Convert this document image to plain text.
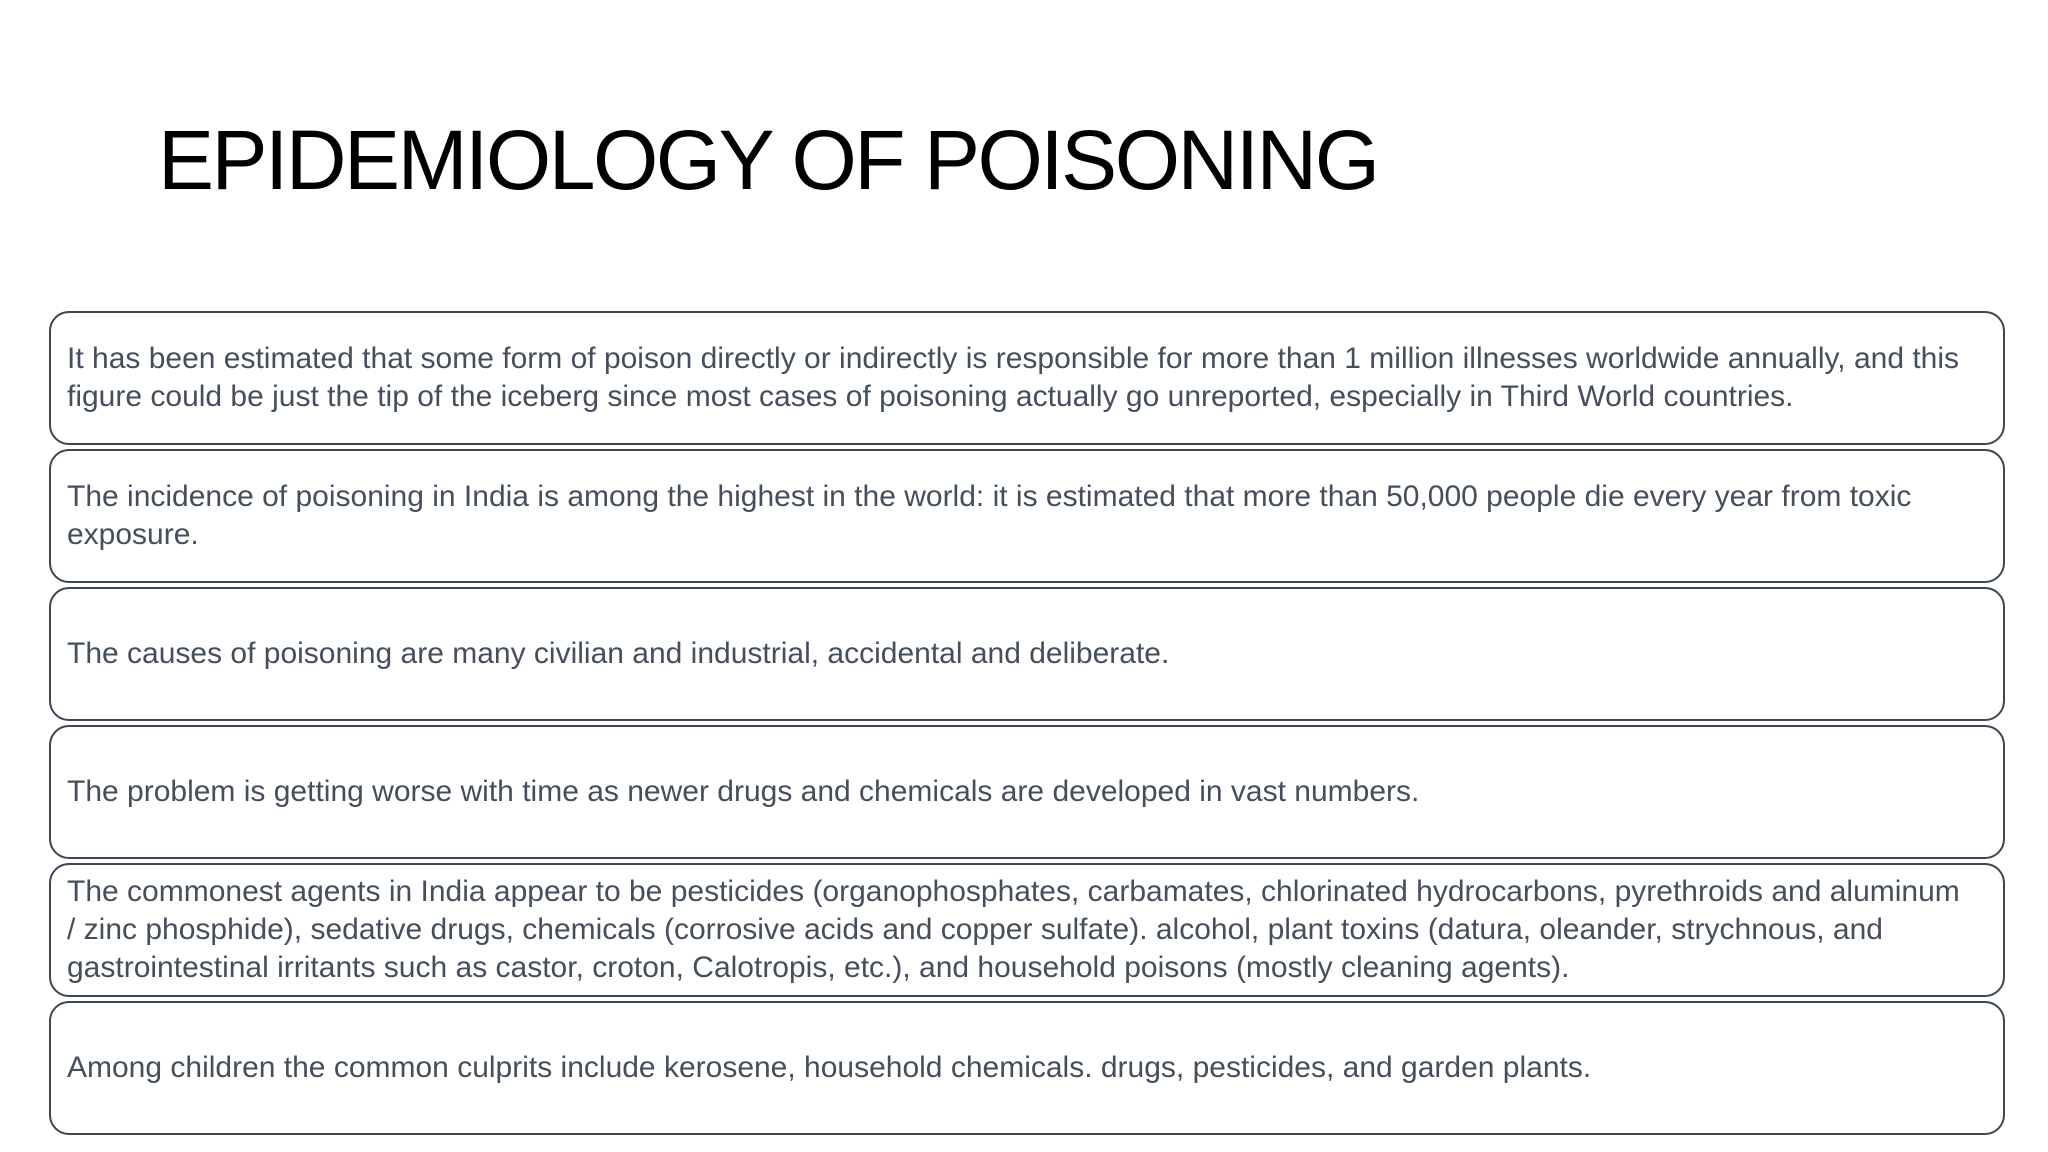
EPIDEMIOLOGY OF POISONING

It has been estimated that some form of poison directly or indirectly is responsible for more than 1 million illnesses worldwide annually, and this figure could be just the tip of the iceberg since most cases of poisoning actually go unreported, especially in Third World countries.

The incidence of poisoning in India is among the highest in the world: it is estimated that more than 50,000 people die every year from toxic exposure.

The causes of poisoning are many civilian and industrial, accidental and deliberate.

The problem is getting worse with time as newer drugs and chemicals are developed in vast numbers.

The commonest agents in India appear to be pesticides (organophosphates, carbamates, chlorinated hydrocarbons, pyrethroids and aluminum / zinc phosphide), sedative drugs, chemicals (corrosive acids and copper sulfate). alcohol, plant toxins (datura, oleander, strychnous, and gastrointestinal irritants such as castor, croton, Calotropis, etc.), and household poisons (mostly cleaning agents).

Among children the common culprits include kerosene, household chemicals. drugs, pesticides, and garden plants.
